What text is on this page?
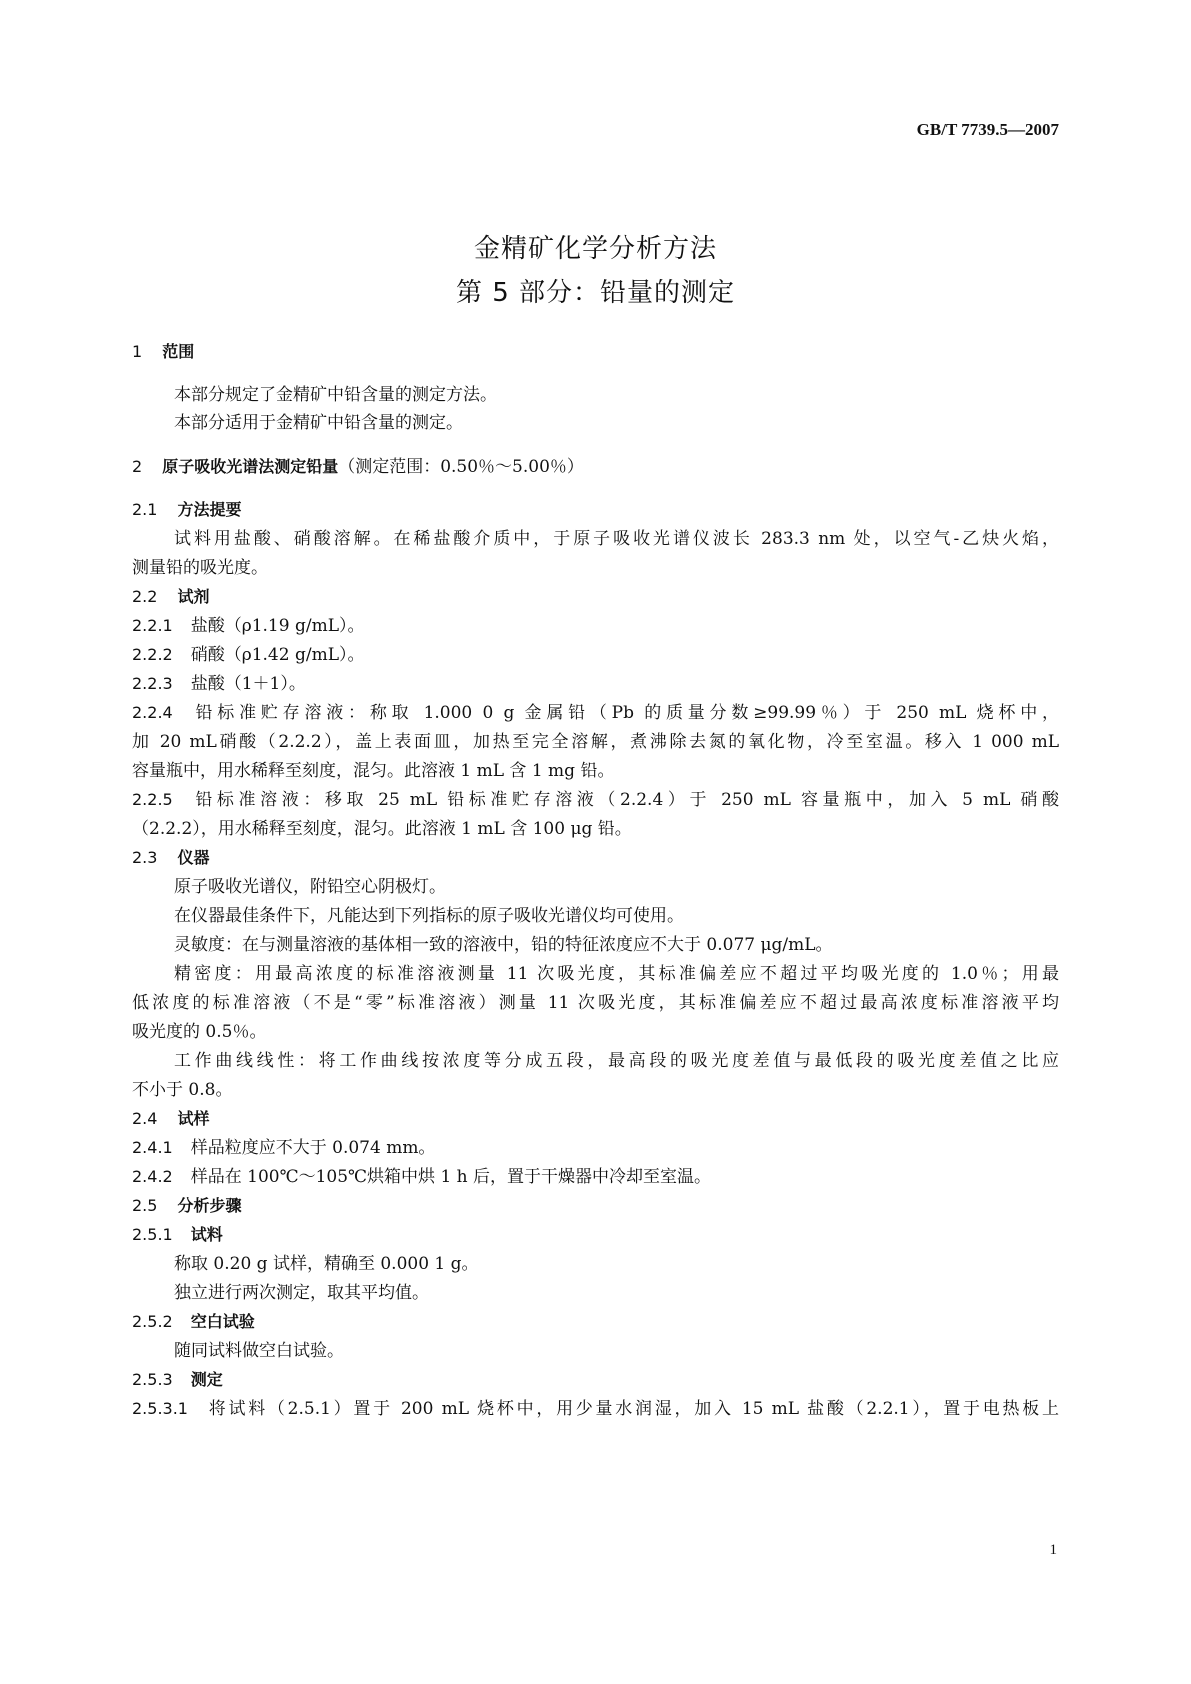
GB/T 7739.5—2007
金精矿化学分析方法
第 5 部分：铅量的测定
1 范围
本部分规定了金精矿中铅含量的测定方法。
本部分适用于金精矿中铅含量的测定。
2 原子吸收光谱法测定铅量（测定范围：0.50％～5.00％）
2.1 方法提要
试料用盐酸、硝酸溶解。在稀盐酸介质中，于原子吸收光谱仪波长 283.3 nm 处，以空气-乙炔火焰，
测量铅的吸光度。
2.2 试剂
2.2.1 盐酸（ρ1.19 g/mL）。
2.2.2 硝酸（ρ1.42 g/mL）。
2.2.3 盐酸（1＋1）。
2.2.4 铅标准贮存溶液：称取 1.000 0 g 金属铅（Pb 的质量分数≥99.99％）于 250 mL 烧杯中，
加 20 mL硝酸（2.2.2），盖上表面皿，加热至完全溶解，煮沸除去氮的氧化物，冷至室温。移入 1 000 mL
容量瓶中，用水稀释至刻度，混匀。此溶液 1 mL 含 1 mg 铅。
2.2.5 铅标准溶液：移取 25 mL 铅标准贮存溶液（2.2.4）于 250 mL 容量瓶中，加入 5 mL 硝酸
（2.2.2），用水稀释至刻度，混匀。此溶液 1 mL 含 100 μg 铅。
2.3 仪器
原子吸收光谱仪，附铅空心阴极灯。
在仪器最佳条件下，凡能达到下列指标的原子吸收光谱仪均可使用。
灵敏度：在与测量溶液的基体相一致的溶液中，铅的特征浓度应不大于 0.077 μg/mL。
精密度：用最高浓度的标准溶液测量 11 次吸光度，其标准偏差应不超过平均吸光度的 1.0％；用最
低浓度的标准溶液（不是“零”标准溶液）测量 11 次吸光度，其标准偏差应不超过最高浓度标准溶液平均
吸光度的 0.5％。
工作曲线线性：将工作曲线按浓度等分成五段，最高段的吸光度差值与最低段的吸光度差值之比应
不小于 0.8。
2.4 试样
2.4.1 样品粒度应不大于 0.074 mm。
2.4.2 样品在 100℃～105℃烘箱中烘 1 h 后，置于干燥器中冷却至室温。
2.5 分析步骤
2.5.1 试料
称取 0.20 g 试样，精确至 0.000 1 g。
独立进行两次测定，取其平均值。
2.5.2 空白试验
随同试料做空白试验。
2.5.3 测定
2.5.3.1 将试料（2.5.1）置于 200 mL 烧杯中，用少量水润湿，加入 15 mL 盐酸（2.2.1），置于电热板上
1
